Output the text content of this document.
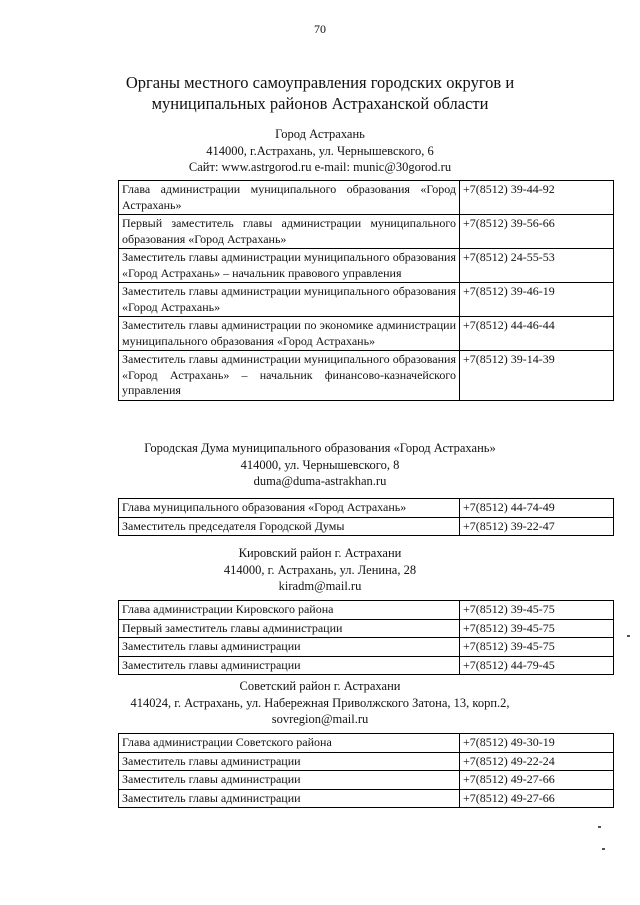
70
Органы местного самоуправления городских округов и муниципальных районов Астраханской области
Город Астрахань
414000, г.Астрахань, ул. Чернышевского, 6
Сайт: www.astrgorod.ru e-mail: munic@30gorod.ru
Глава администрации муниципального образования «Город Астрахань»	+7(8512) 39-44-92
Первый заместитель главы администрации муниципального образования «Город Астрахань»	+7(8512) 39-56-66
Заместитель главы администрации муниципального образования «Город Астрахань» – начальник правового управления	+7(8512) 24-55-53
Заместитель главы администрации муниципального образования «Город Астрахань»	+7(8512) 39-46-19
Заместитель главы администрации по экономике администрации муниципального образования «Город Астрахань»	+7(8512) 44-46-44
Заместитель главы администрации муниципального образования «Город Астрахань» – начальник финансово-казначейского управления	+7(8512) 39-14-39
Городская Дума муниципального образования «Город Астрахань»
414000, ул. Чернышевского, 8
duma@duma-astrakhan.ru
Глава муниципального образования «Город Астрахань»	+7(8512) 44-74-49
Заместитель председателя Городской Думы	+7(8512) 39-22-47
Кировский район г. Астрахани
414000, г. Астрахань, ул. Ленина, 28
kiradm@mail.ru
Глава администрации Кировского района	+7(8512) 39-45-75
Первый заместитель главы администрации	+7(8512) 39-45-75
Заместитель главы администрации	+7(8512) 39-45-75
Заместитель главы администрации	+7(8512) 44-79-45
Советский район г. Астрахани
414024, г. Астрахань, ул. Набережная Приволжского Затона, 13, корп.2,
sovregion@mail.ru
Глава администрации Советского района	+7(8512) 49-30-19
Заместитель главы администрации	+7(8512) 49-22-24
Заместитель главы администрации	+7(8512) 49-27-66
Заместитель главы администрации	+7(8512) 49-27-66
